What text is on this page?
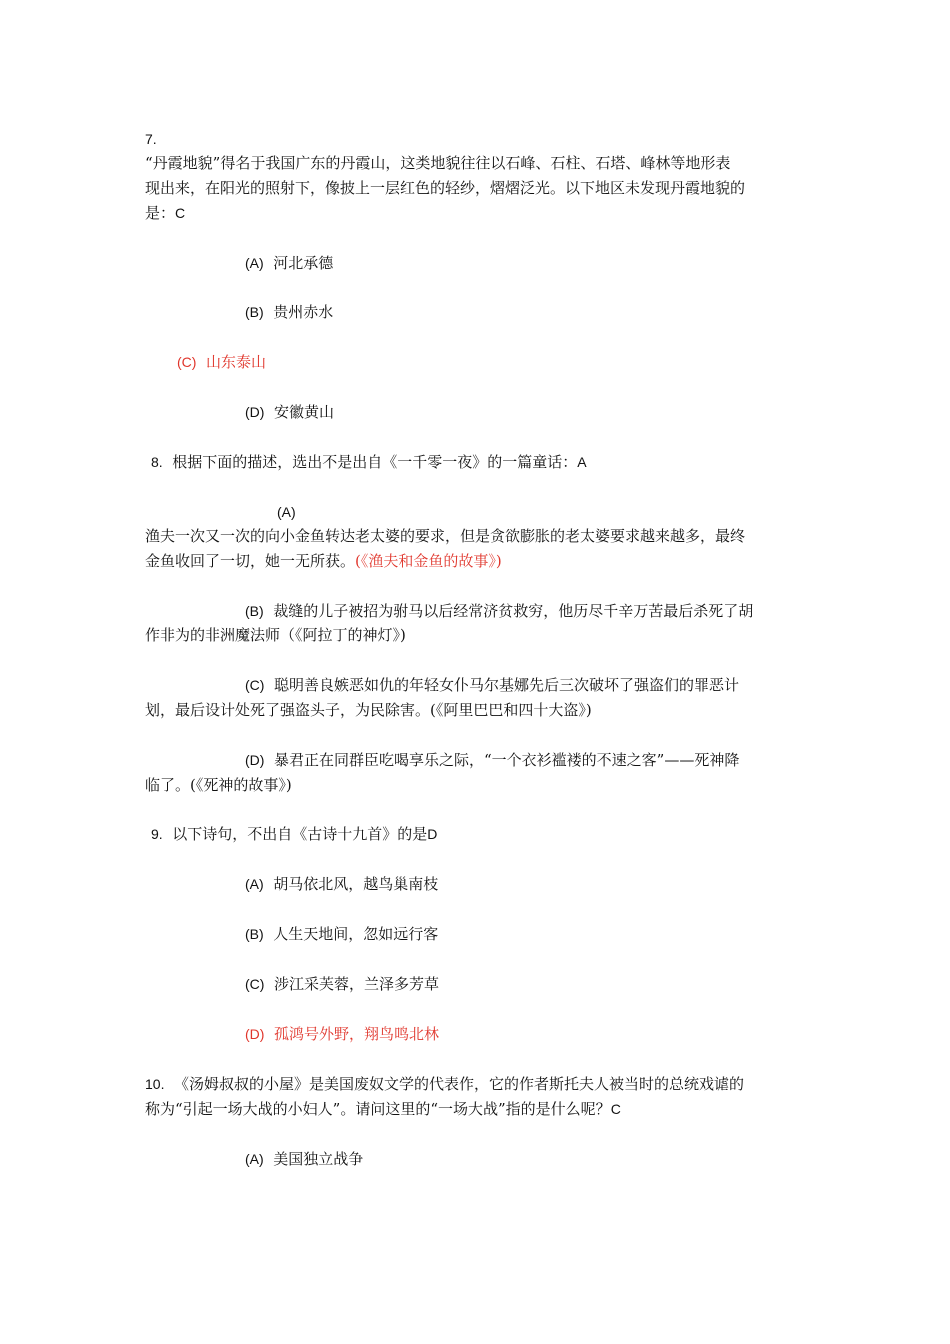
7.
“丹霞地貌”得名于我国广东的丹霞山，这类地貌往往以石峰、石柱、石塔、峰林等地形表
现出来，在阳光的照射下，像披上一层红色的轻纱，熠熠泛光。以下地区未发现丹霞地貌的
是：C
(A) 河北承德
(B) 贵州赤水
(C) 山东泰山
(D) 安徽黄山
8. 根据下面的描述，选出不是出自《一千零一夜》的一篇童话：A
(A)
渔夫一次又一次的向小金鱼转达老太婆的要求，但是贪欲膨胀的老太婆要求越来越多，最终
金鱼收回了一切，她一无所获。(《渔夫和金鱼的故事》)
(B) 裁缝的儿子被招为驸马以后经常济贫救穷，他历尽千辛万苦最后杀死了胡
作非为的非洲魔法师（《阿拉丁的神灯》)
(C) 聪明善良嫉恶如仇的年轻女仆马尔基娜先后三次破坏了强盗们的罪恶计
划，最后设计处死了强盗头子，为民除害。(《阿里巴巴和四十大盗》)
(D) 暴君正在同群臣吃喝享乐之际，“一个衣衫褴褛的不速之客”——死神降
临了。(《死神的故事》)
9. 以下诗句，不出自《古诗十九首》的是D
(A) 胡马依北风，越鸟巢南枝
(B) 人生天地间，忽如远行客
(C) 涉江采芙蓉，兰泽多芳草
(D) 孤鸿号外野，翔鸟鸣北林
10. 《汤姆叔叔的小屋》是美国废奴文学的代表作，它的作者斯托夫人被当时的总统戏谑的
称为“引起一场大战的小妇人”。请问这里的“一场大战”指的是什么呢？C
(A) 美国独立战争
